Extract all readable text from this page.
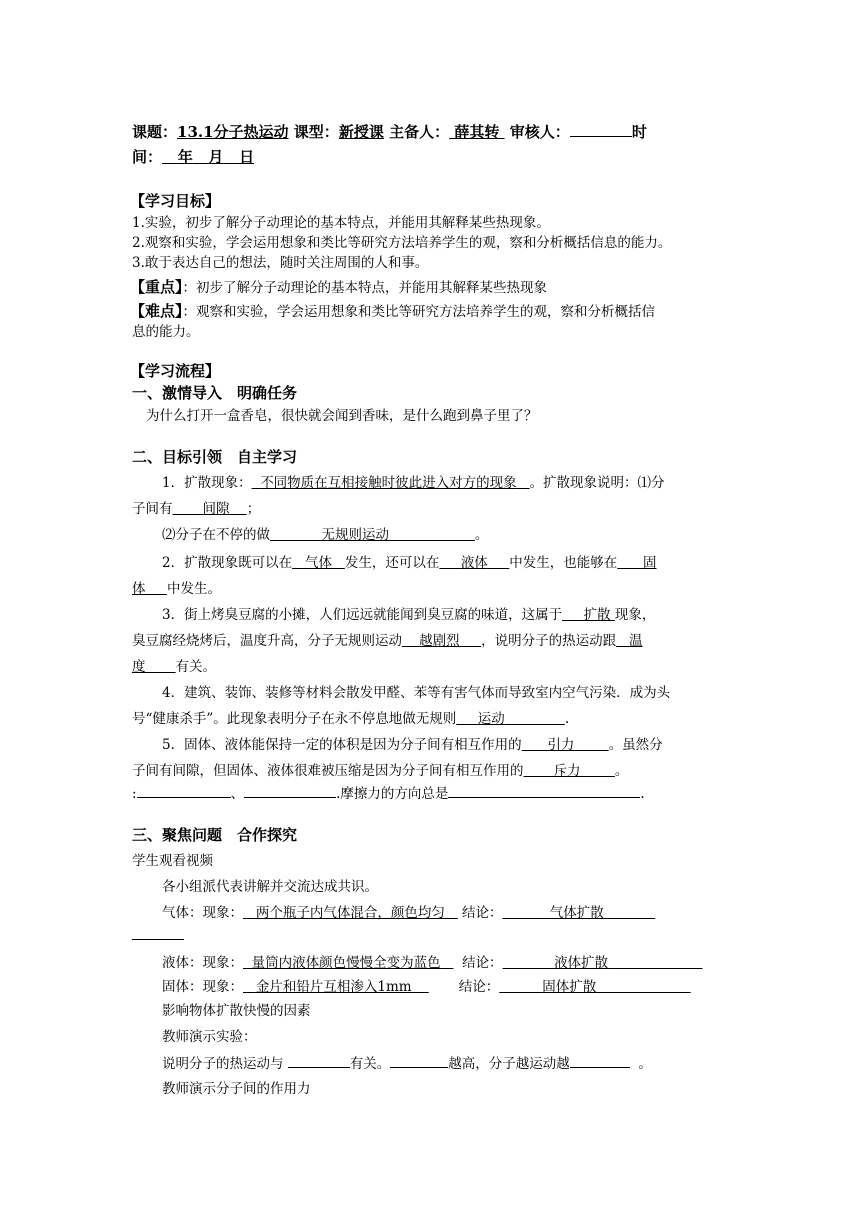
课题：13.1分子热运动 课型：新授课 主备人： 薛其转 审核人：	时
间： 年 月 日
【学习目标】
1.实验，初步了解分子动理论的基本特点，并能用其解释某些热现象。
2.观察和实验，学会运用想象和类比等研究方法培养学生的观，察和分析概括信息的能力。
3.敢于表达自己的想法，随时关注周围的人和事。
【重点】：初步了解分子动理论的基本特点，并能用其解释某些热现象
【难点】：观察和实验，学会运用想象和类比等研究方法培养学生的观，察和分析概括信
息的能力。
【学习流程】
一、激情导入　明确任务
为什么打开一盒香皂，很快就会闻到香味，是什么跑到鼻子里了？
二、目标引领　自主学习
1．扩散现象： 不同物质在互相接触时彼此进入对方的现象 。扩散现象说明：⑴分
子间有 间隙 ；
⑵分子在不停的做	无规则运动	。
2．扩散现象既可以在 气体 发生，还可以在 液体 中发生，也能够在 固
体 中发生。
3．街上烤臭豆腐的小摊，人们远远就能闻到臭豆腐的味道，这属于 扩散 现象，
臭豆腐经烧烤后，温度升高，分子无规则运动 越剧烈 ，说明分子的热运动跟 温
度 有关。
4．建筑、装饰、装修等材料会散发甲醛、苯等有害气体而导致室内空气污染．成为头
号“健康杀手”。此现象表明分子在永不停息地做无规则 运动	.
5．固体、液体能保持一定的体积是因为分子间有相互作用的 引力	。虽然分
子间有间隙，但固体、液体很难被压缩是因为分子间有相互作用的 斥力	。
:	、	.摩擦力的方向总是	.
三、聚焦问题　合作探究
学生观看视频
各小组派代表讲解并交流达成共识。
气体：现象： 两个瓶子内气体混合，颜色均匀 结论：	气体扩散
液体：现象： 量筒内液体颜色慢慢全变为蓝色 结论：	液体扩散
固体：现象： 金片和铅片互相渗入1mm	结论：	固体扩散
影响物体扩散快慢的因素
教师演示实验：
说明分子的热运动与	有关。	越高，分子越运动越	。
教师演示分子间的作用力
